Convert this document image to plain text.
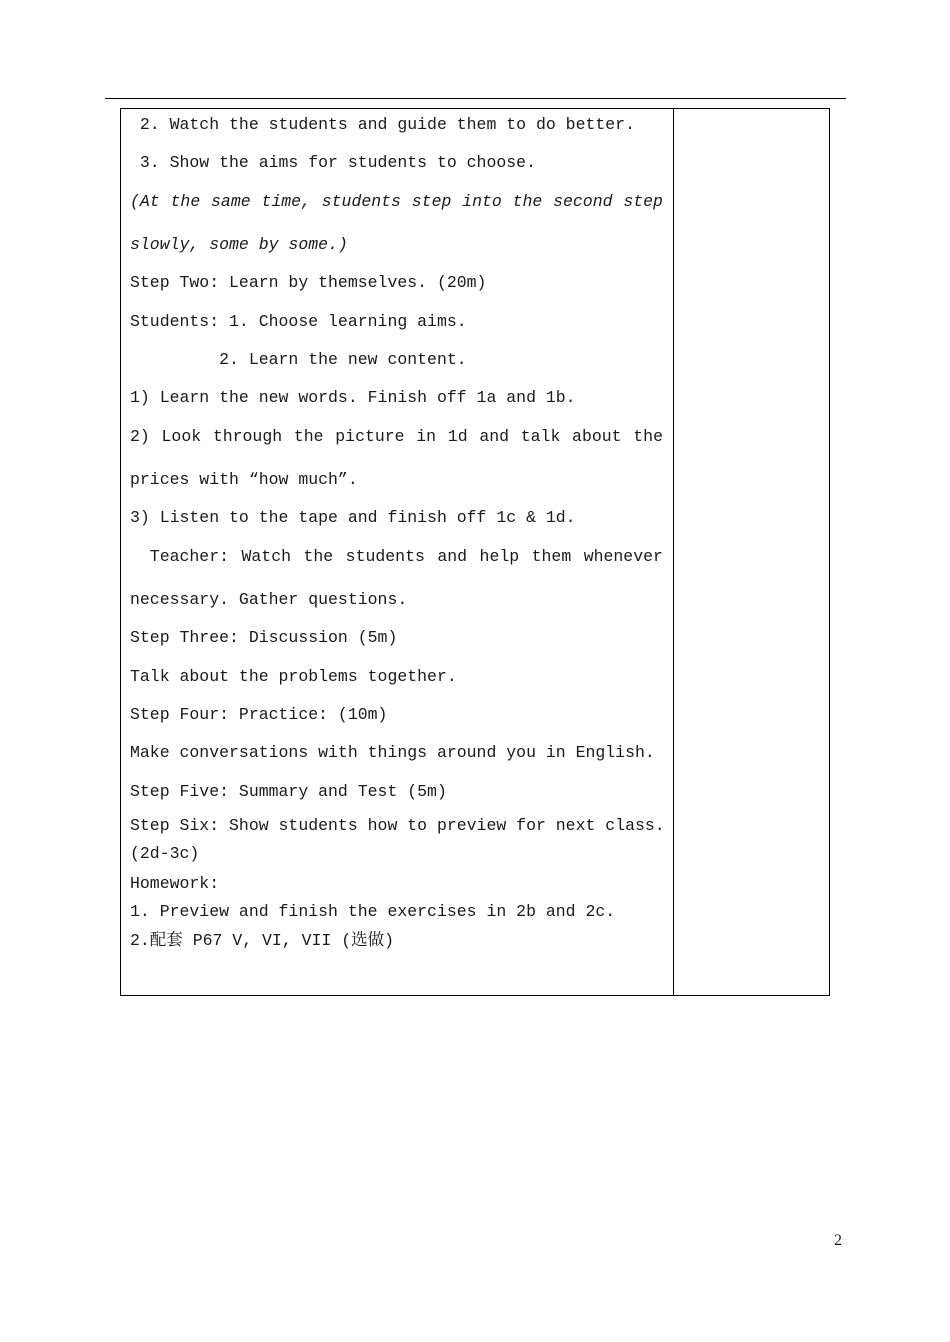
2. Watch the students and guide them to do better.
3. Show the aims for students to choose.
(At the same time, students step into the second step
slowly, some by some.)
Step Two: Learn by themselves. (20m)
Students: 1. Choose learning aims.
2. Learn the new content.
1) Learn the new words. Finish off 1a and 1b.
2) Look through the picture in 1d and talk about the
prices with “how much”.
3) Listen to the tape and finish off 1c & 1d.
Teacher: Watch the students and help them whenever
necessary. Gather questions.
Step Three: Discussion (5m)
Talk about the problems together.
Step Four: Practice: (10m)
Make conversations with things around you in English.
Step Five: Summary and Test (5m)
Step Six: Show students how to preview for next class.
(2d-3c)
Homework:
1. Preview and finish the exercises in 2b and 2c.
2.配套 P67 V, VI, VII (选做)
2
